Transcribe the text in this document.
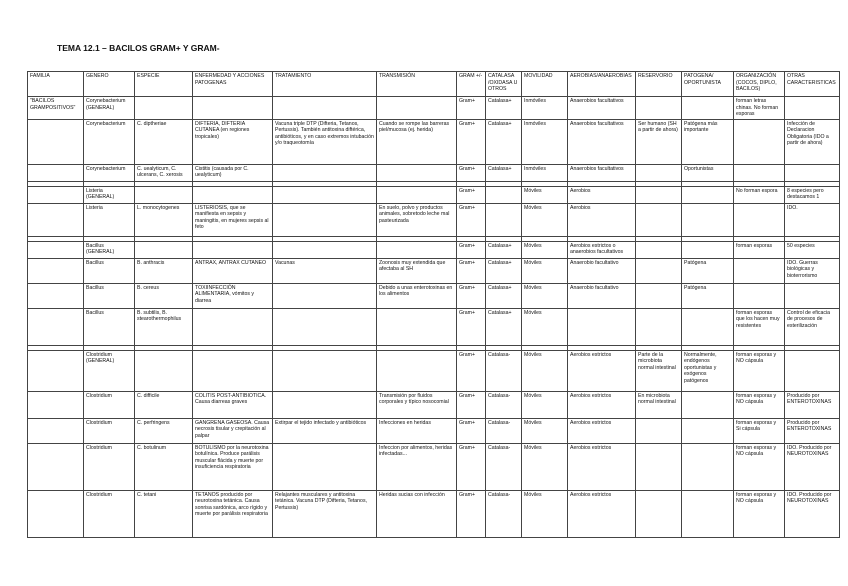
TEMA 12.1 – BACILOS GRAM+ Y GRAM-
FAMILIA	GENERO	ESPECIE	ENFERMEDAD Y ACCIONES PATOGENAS	TRATAMIENTO	TRANSMISIÓN	GRAM +/-	CATALASA /OXIDASA U OTROS	MOVILIDAD	AEROBIAS/ANAEROBIAS	RESERVORIO	PATOGENA/ OPORTUNISTA	ORGANIZACIÓN (COCOS, DIPLO, BACILOS)	OTRAS CARACTERISTICAS
"BACILOS GRAMPOSITIVOS"	Corynebacterium (GENERAL)					Gram+	Catalasa+	Inmóviles	Anaerobios facultativos			forman letras chinas. No forman esporas	
	Corynebacterium	C. diptheriae	DIFTERIA, DIFTERIA CUTANEA (en regiones tropicales)	Vacuna triple DTP (Difteria, Tetanos, Pertussis). También antitoxina diftérica, antibióticos, y en caso extremos intubación y/o traqueotomía	Cuando se rompe las barreras piel/mucosa (ej. herida)	Gram+	Catalasa+	Inmóviles	Anaerobios facultativos	Ser humano (SH a partir de ahora)	Patógena más importante		Infección de Declaracion Obligatoria (IDO a partir de ahora)
	Corynebacterium	C. uealyticum, C. ulcerans, C. xerosis	Cistitis (causada por C. uealyticum)			Gram+	Catalasa+	Inmóviles	Anaerobios facultativos		Oportunistas		

	Listeria (GENERAL)					Gram+		Móviles	Aerobios			No forman espora	8 especies pero destacamos 1
	Listeria	L. monocytogenes	LISTERIOSIS, que se manifiesta en sepsis y maningitis, en mujeres sepsis al feto		En suelo, polvo y productos animales, sobretodo leche mal pasteurizada	Gram+		Móviles	Aerobios				IDO.

	Bacillus (GENERAL)					Gram+	Catalasa+	Móviles	Aerobios estrictos o anaerobios facultativos			forman esporas	50 especies
	Bacillus	B. anthracis	ANTRAX, ANTRAX CUTANEO	Vacunas	Zoonosis muy extendida que afectaba al SH	Gram+	Catalasa+	Móviles	Anaerobio facultativo		Patógena		IDO. Guerras biológicas y bioterrorismo
	Bacillus	B. cereus	TOXIINFECCIÓN ALIMENTARIA, vómitos y diarrea		Debido a unas enterotoxinas en los alimentos	Gram+	Catalasa+	Móviles	Anaerobio facultativo		Patógena		
	Bacillus	B. subtilis, B. stearothermophilus				Gram+	Catalasa+	Móviles				forman esporas que los hacen muy resistentes	Control de eficacia de procesos de esterilización

	Clostridium (GENERAL)					Gram+	Catalasa-	Móviles	Aerobios estrictos	Parte de la microbiota normal intestinal	Normalmente, endógenos oportunistas y exógenos patógenos	forman esporas y NO cápsula	
	Clostridium	C. difficile	COLITIS POST-ANTIBIOTICA. Causa diarreas graves		Transmisión por fluidos corporales y típico nosocomial	Gram+	Catalasa-	Móviles	Aerobios estrictos	En microbiota normal intestinal		forman esporas y NO cápsula	Producido por ENTEROTOXINAS
	Clostridium	C. perfringens	GANGRENA GASEOSA. Causa necrosis tisular y crepitación al palpar	Extirpar el tejido infectado y antibióticos	Infecciones en heridas	Gram+	Catalasa-	Móviles	Aerobios estrictos			forman esporas y Si cápsula	Producido por ENTEROTOXINAS
	Clostridium	C. botulinum	BOTULISMO por la neurotoxina botulínica. Produce parálisis muscular flácida y muerte por insuficiencia respiratoria		Infeccion por alimentos, heridas infectadas...	Gram+	Catalasa-	Móviles	Aerobios estrictos			forman esporas y NO cápsula	IDO. Producido por NEUROTOXINAS
	Clostridium	C. tetani	TETANOS producido por neurotoxina tetánica. Causa sonrisa sardónica, arco rígido y muerte por parálisis respiratoria	Relajantes musculares y antitoxina tetánica. Vacuna DTP (Difteria, Tetanos, Pertussis)	Heridas sucias con infección	Gram+	Catalasa-	Móviles	Aerobios estrictos			forman esporas y NO cápsula	IDO. Producido por NEUROTOXINAS
